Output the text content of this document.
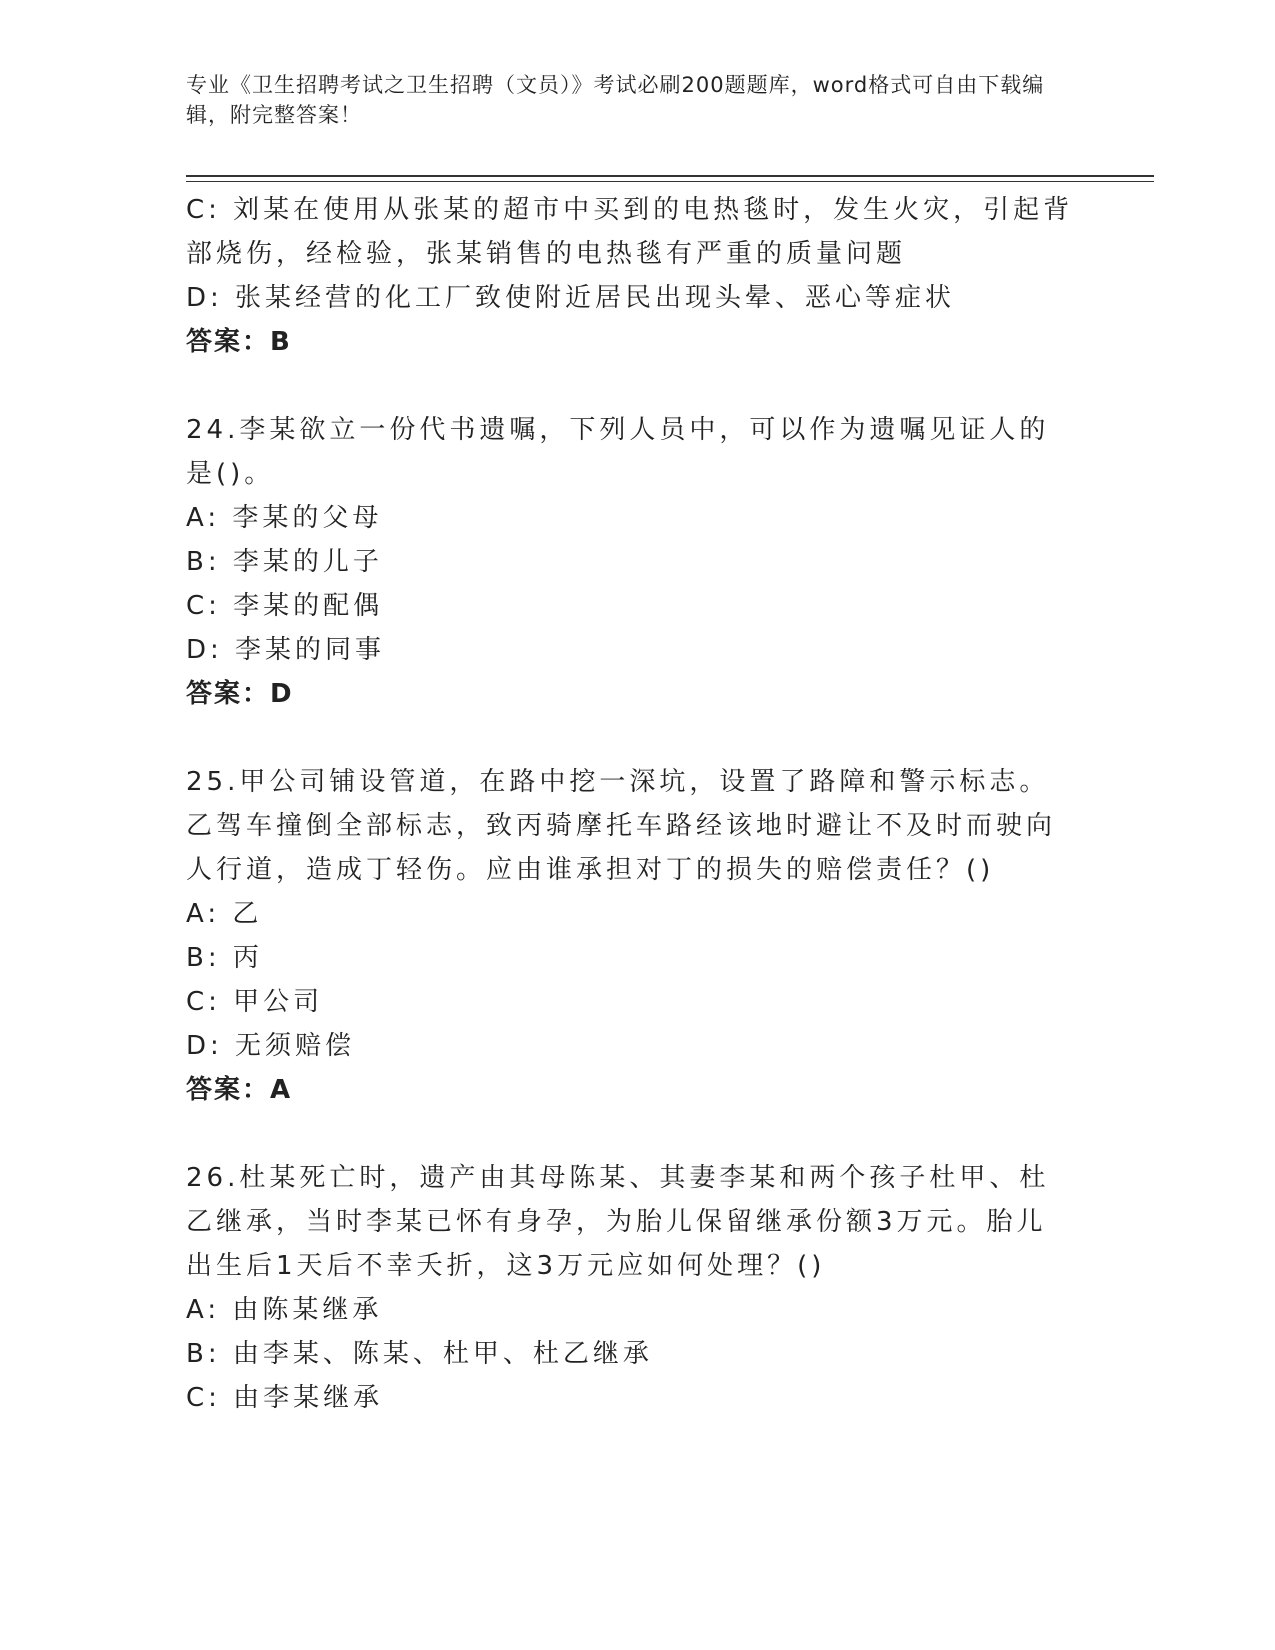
专业《卫生招聘考试之卫生招聘（文员）》考试必刷200题题库，word格式可自由下载编辑，附完整答案！

C: 刘某在使用从张某的超市中买到的电热毯时，发生火灾，引起背部烧伤，经检验，张某销售的电热毯有严重的质量问题

D: 张某经营的化工厂致使附近居民出现头晕、恶心等症状

答案：B

24.李某欲立一份代书遗嘱，下列人员中，可以作为遗嘱见证人的是()。

A: 李某的父母

B: 李某的儿子

C: 李某的配偶

D: 李某的同事

答案：D

25.甲公司铺设管道，在路中挖一深坑，设置了路障和警示标志。乙驾车撞倒全部标志，致丙骑摩托车路经该地时避让不及时而驶向人行道，造成丁轻伤。应由谁承担对丁的损失的赔偿责任？()

A: 乙

B: 丙

C: 甲公司

D: 无须赔偿

答案：A

26.杜某死亡时，遗产由其母陈某、其妻李某和两个孩子杜甲、杜乙继承，当时李某已怀有身孕，为胎儿保留继承份额3万元。胎儿出生后1天后不幸夭折，这3万元应如何处理？()

A: 由陈某继承

B: 由李某、陈某、杜甲、杜乙继承

C: 由李某继承
